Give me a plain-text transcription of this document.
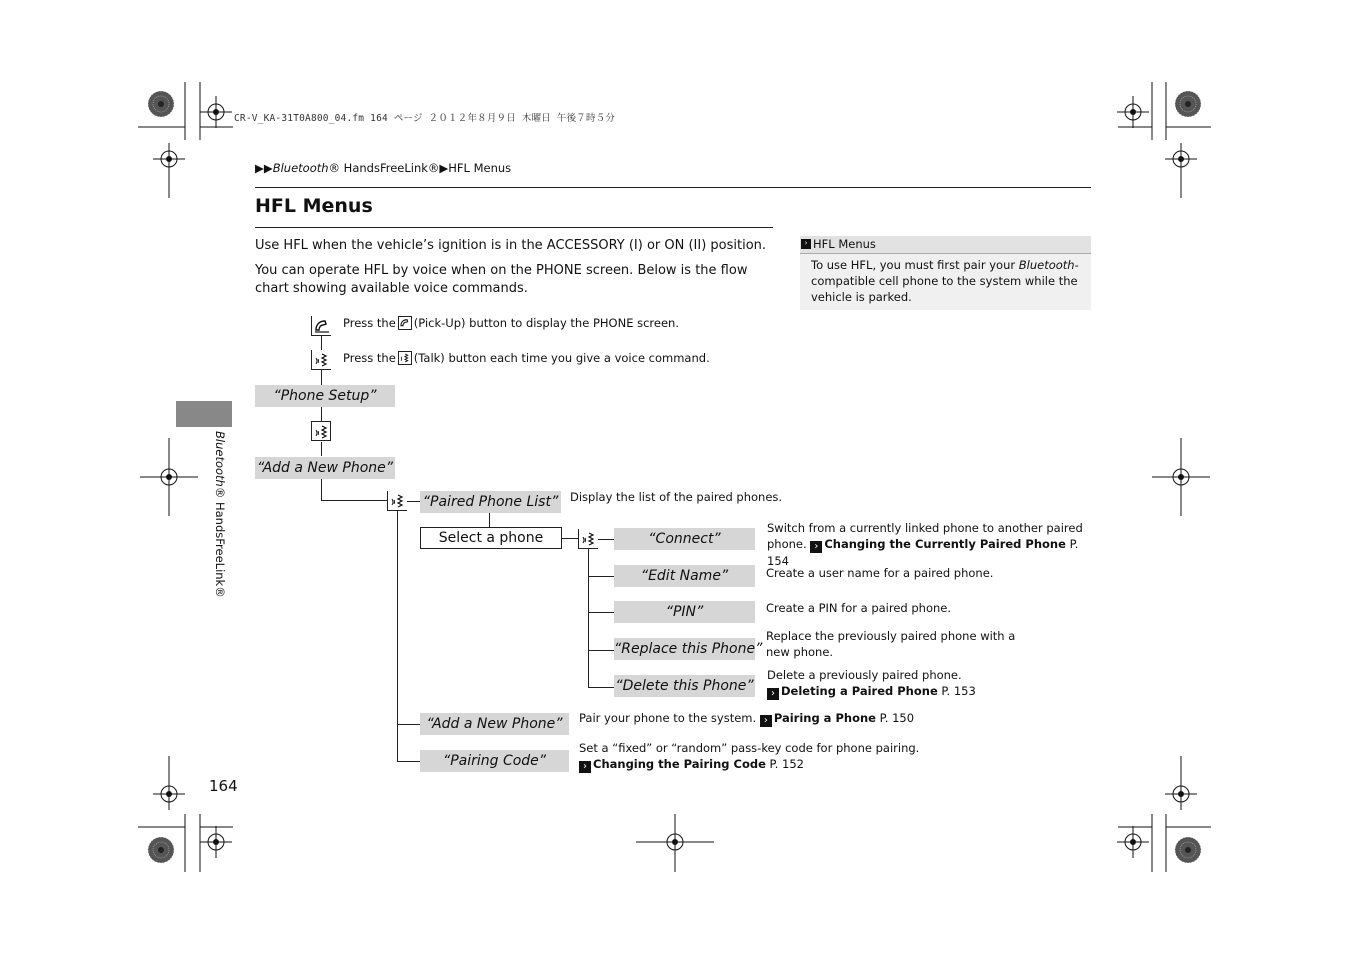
CR-V_KA-31T0A800_04.fm 164 ページ ２０１２年８月９日 木曜日 午後７時５分
▶▶Bluetooth® HandsFreeLink®▶HFL Menus
HFL Menus
Use HFL when the vehicle’s ignition is in the ACCESSORY (I) or ON (II) position.
You can operate HFL by voice when on the PHONE screen. Below is the flow chart showing available voice commands.
› HFL Menus
To use HFL, you must first pair your Bluetooth-compatible cell phone to the system while the vehicle is parked.
Bluetooth® HandsFreeLink®
164
Press the (Pick-Up) button to display the PHONE screen.
Press the (Talk) button each time you give a voice command.
“Phone Setup”
“Add a New Phone”
“Paired Phone List” Display the list of the paired phones.
Select a phone	“Connect”
“Edit Name”
“PIN”
“Replace this Phone”
“Delete this Phone”
Switch from a currently linked phone to another paired phone. › Changing the Currently Paired Phone P. 154
Create a user name for a paired phone.
Create a PIN for a paired phone.
Replace the previously paired phone with a new phone.
Delete a previously paired phone.
› Deleting a Paired Phone P. 153
“Add a New Phone”	Pair your phone to the system. › Pairing a Phone P. 150
“Pairing Code”
Set a “fixed” or “random” pass-key code for phone pairing.
› Changing the Pairing Code P. 152
